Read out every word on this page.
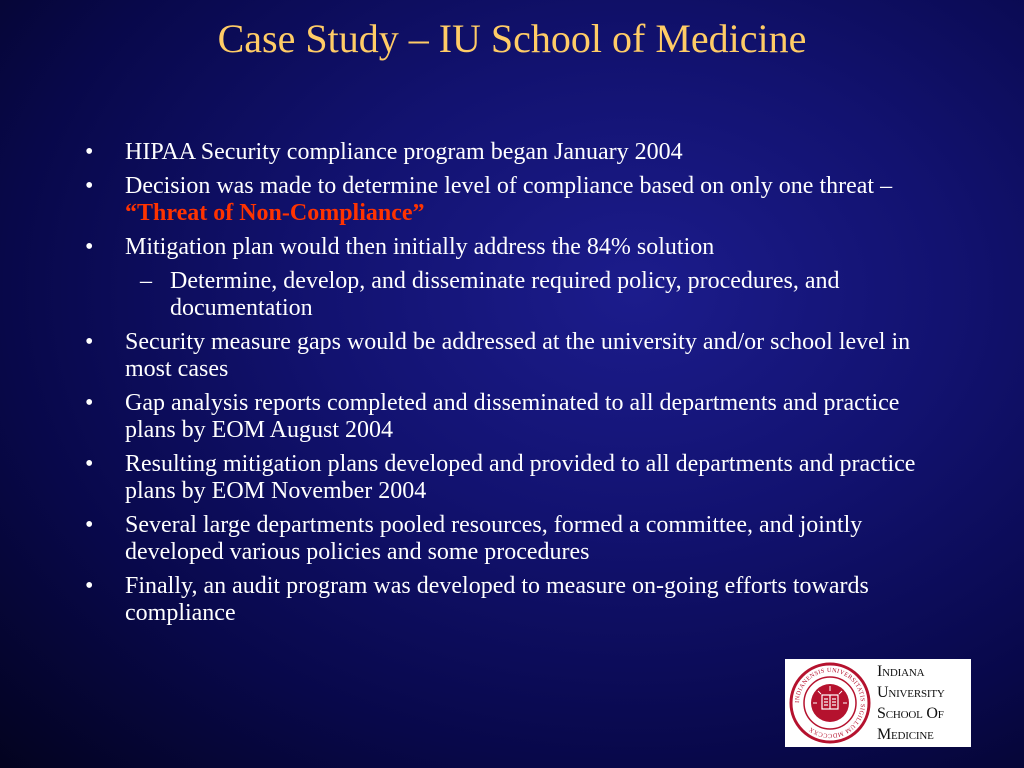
Case Study – IU School of Medicine
• HIPAA Security compliance program began January 2004
• Decision was made to determine level of compliance based on only one threat – “Threat of Non-Compliance”
• Mitigation plan would then initially address the 84% solution
– Determine, develop, and disseminate required policy, procedures, and documentation
• Security measure gaps would be addressed at the university and/or school level in most cases
• Gap analysis reports completed and disseminated to all departments and practice plans by EOM August 2004
• Resulting mitigation plans developed and provided to all departments and practice plans by EOM November 2004
• Several large departments pooled resources, formed a committee, and jointly developed various policies and some procedures
• Finally, an audit program was developed to measure on-going efforts towards compliance
INDIANENSIS UNIVERSITATIS SIGILLUM MDCCCXX
Indiana
University
School Of
Medicine
